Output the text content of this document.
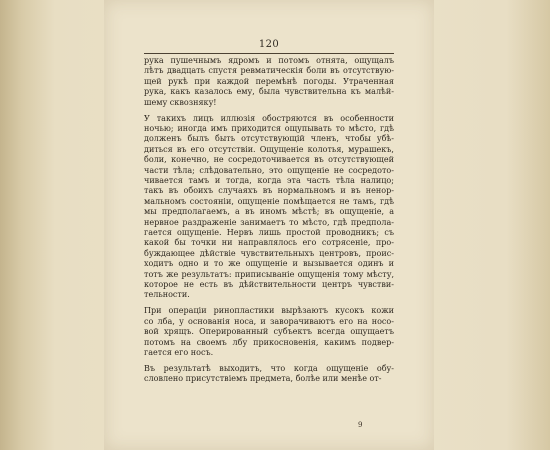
120
рука пушечнымъ ядромъ и потомъ отнята, ощущалъ
лѣтъ двадцать спустя ревматическія боли въ отсутствую-
щей рукѣ при каждой перемѣнѣ погоды. Утраченная
рука, какъ казалось ему, была чувствительна къ малѣй-
шему сквозняку!
У такихъ лицъ иллюзія обостряются въ особенности
ночью; иногда имъ приходится ощупывать то мѣсто, гдѣ
долженъ былъ быть отсутствующій членъ, чтобы убѣ-
диться въ его отсутствіи. Ощущеніе колотья, мурашекъ,
боли, конечно, не сосредоточивается въ отсутствующей
части тѣла; слѣдовательно, это ощущеніе не сосредото-
чивается тамъ и тогда, когда эта часть тѣла налицо;
такъ въ обоихъ случаяхъ въ нормальномъ и въ ненор-
мальномъ состояніи, ощущеніе помѣщается не тамъ, гдѣ
мы предполагаемъ, а въ иномъ мѣстѣ; въ ощущеніе, а
нервное раздраженіе занимаетъ то мѣсто, гдѣ предпола-
гается ощущеніе. Нервъ лишь простой проводникъ; съ
какой бы точки ни направлялось его сотрясеніе, про-
буждающее дѣйствіе чувствительныхъ центровъ, проис-
ходитъ одно и то же ощущеніе и вызывается одинъ и
тотъ же результатъ: приписываніе ощущенія тому мѣсту,
которое не есть въ дѣйствительности центръ чувстви-
тельности.
При операціи ринопластики вырѣзаютъ кусокъ кожи
со лба, у основанія носа, и заворачиваютъ его на носо-
вой хрящъ. Оперированный субъектъ всегда ощущаетъ
потомъ на своемъ лбу прикосновенія, какимъ подвер-
гается его носъ.
Въ результатѣ выходитъ, что когда ощущеніе обу-
словлено присутствіемъ предмета, болѣе или менѣе от-
9
